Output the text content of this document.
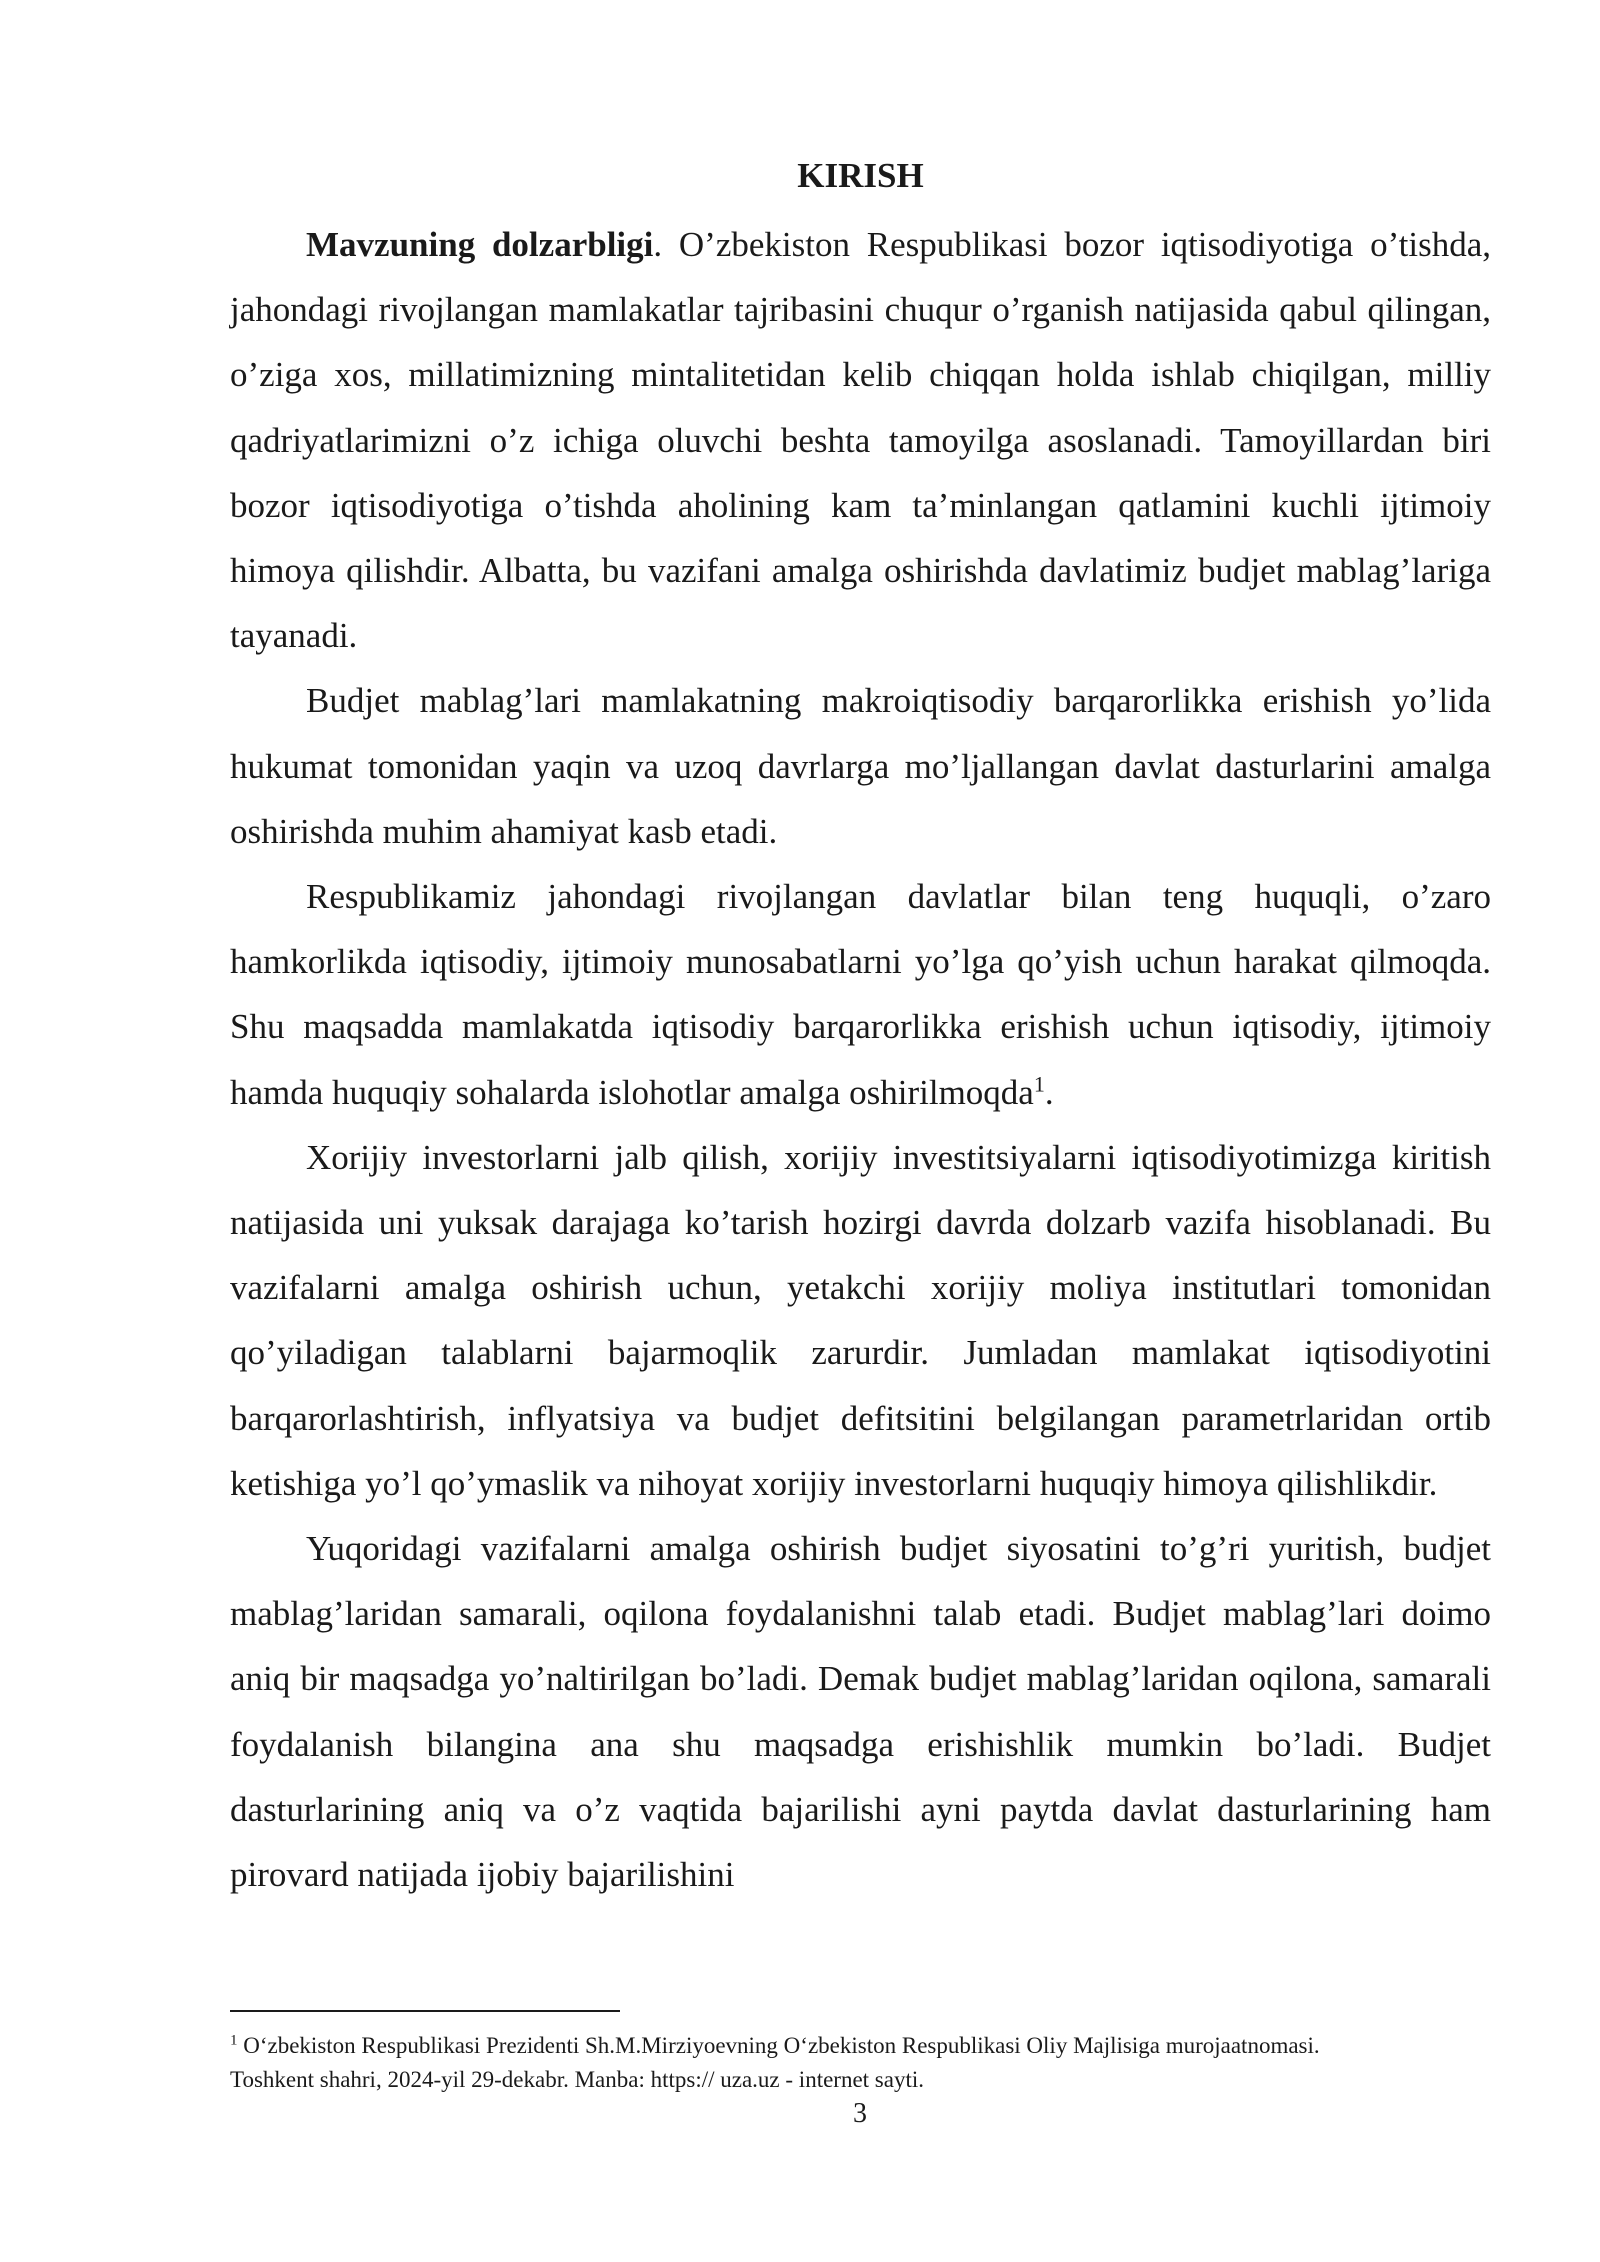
KIRISH

Mavzuning dolzarbligi. O’zbekiston Respublikasi bozor iqtisodiyotiga o’tishda, jahondagi rivojlangan mamlakatlar tajribasini chuqur o’rganish natijasida qabul qilingan, o’ziga xos, millatimizning mintalitetidan kelib chiqqan holda ishlab chiqilgan, milliy qadriyatlarimizni o’z ichiga oluvchi beshta tamoyilga asoslanadi. Tamoyillardan biri bozor iqtisodiyotiga o’tishda aholining kam ta’minlangan qatlamini kuchli ijtimoiy himoya qilishdir. Albatta, bu vazifani amalga oshirishda davlatimiz budjet mablag’lariga tayanadi.

Budjet mablag’lari mamlakatning makroiqtisodiy barqarorlikka erishish yo’lida hukumat tomonidan yaqin va uzoq davrlarga mo’ljallangan davlat dasturlarini amalga oshirishda muhim ahamiyat kasb etadi.

Respublikamiz jahondagi rivojlangan davlatlar bilan teng huquqli, o’zaro hamkorlikda iqtisodiy, ijtimoiy munosabatlarni yo’lga qo’yish uchun harakat qilmoqda. Shu maqsadda mamlakatda iqtisodiy barqarorlikka erishish uchun iqtisodiy, ijtimoiy hamda huquqiy sohalarda islohotlar amalga oshirilmoqda$^1$.

Xorijiy investorlarni jalb qilish, xorijiy investitsiyalarni iqtisodiyotimizga kiritish natijasida uni yuksak darajaga ko’tarish hozirgi davrda dolzarb vazifa hisoblanadi. Bu vazifalarni amalga oshirish uchun, yetakchi xorijiy moliya institutlari tomonidan qo’yiladigan talablarni bajarmoqlik zarurdir. Jumladan mamlakat iqtisodiyotini barqarorlashtirish, inflyatsiya va budjet defitsitini belgilangan parametrlaridan ortib ketishiga yo’l qo’ymaslik va nihoyat xorijiy investorlarni huquqiy himoya qilishlikdir.

Yuqoridagi vazifalarni amalga oshirish budjet siyosatini to’g’ri yuritish, budjet mablag’laridan samarali, oqilona foydalanishni talab etadi. Budjet mablag’lari doimo aniq bir maqsadga yo’naltirilgan bo’ladi. Demak budjet mablag’laridan oqilona, samarali foydalanish bilangina ana shu maqsadga erishishlik mumkin bo’ladi. Budjet dasturlarining aniq va o’z vaqtida bajarilishi ayni paytda davlat dasturlarining ham pirovard natijada ijobiy bajarilishini

$^1$ O‘zbekiston Respublikasi Prezidenti Sh.M.Mirziyoevning O‘zbekiston Respublikasi Oliy Majlisiga murojaatnomasi. Toshkent shahri, 2024-yil 29-dekabr. Manba: https:// uza.uz - internet sayti.

3
